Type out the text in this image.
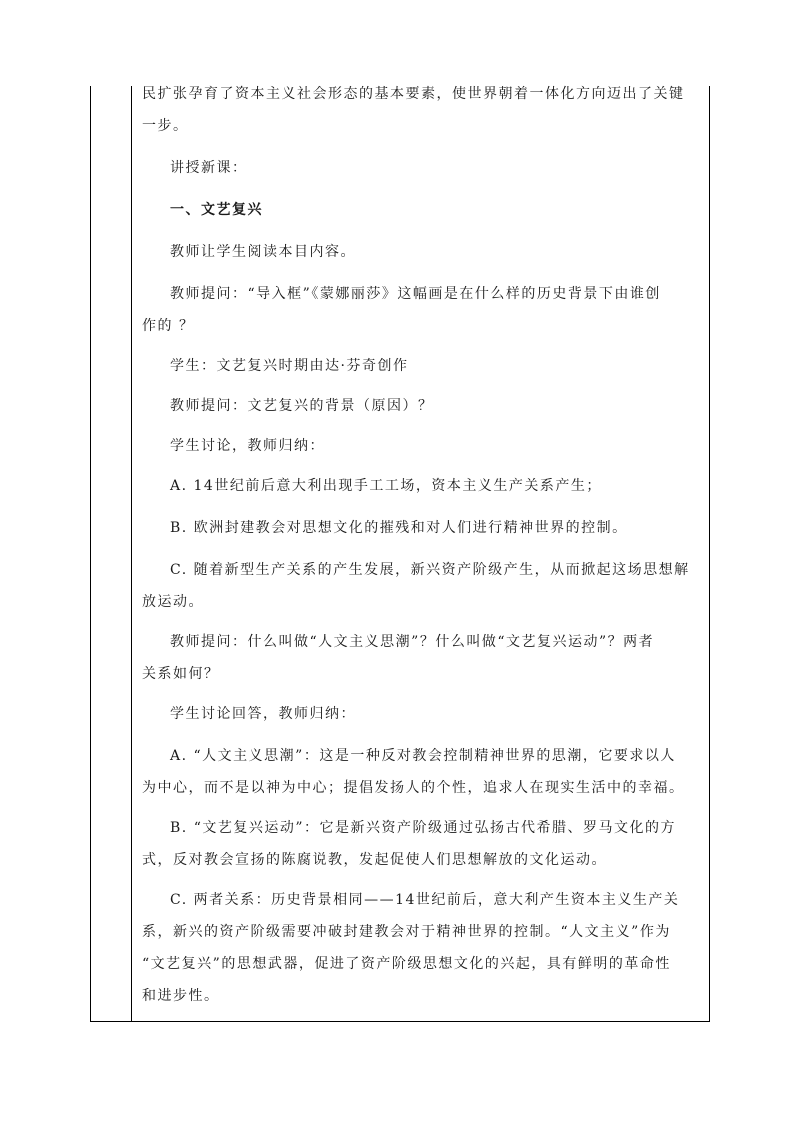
民扩张孕育了资本主义社会形态的基本要素，使世界朝着一体化方向迈出了关键

一步。

讲授新课：

一、文艺复兴

教师让学生阅读本目内容。

教师提问：“导入框”《蒙娜丽莎》这幅画是在什么样的历史背景下由谁创

作的 ？

学生：文艺复兴时期由达·芬奇创作

教师提问：文艺复兴的背景（原因）？

学生讨论，教师归纳：

A. 14世纪前后意大利出现手工工场，资本主义生产关系产生；

B. 欧洲封建教会对思想文化的摧残和对人们进行精神世界的控制。

C. 随着新型生产关系的产生发展，新兴资产阶级产生，从而掀起这场思想解

放运动。

教师提问：什么叫做“人文主义思潮”？什么叫做“文艺复兴运动”？两者

关系如何？

学生讨论回答，教师归纳：

A. “人文主义思潮”：这是一种反对教会控制精神世界的思潮，它要求以人

为中心，而不是以神为中心；提倡发扬人的个性，追求人在现实生活中的幸福。

B. “文艺复兴运动”：它是新兴资产阶级通过弘扬古代希腊、罗马文化的方

式，反对教会宣扬的陈腐说教，发起促使人们思想解放的文化运动。

C. 两者关系：历史背景相同——14世纪前后，意大利产生资本主义生产关

系，新兴的资产阶级需要冲破封建教会对于精神世界的控制。“人文主义”作为

“文艺复兴”的思想武器，促进了资产阶级思想文化的兴起，具有鲜明的革命性

和进步性。
